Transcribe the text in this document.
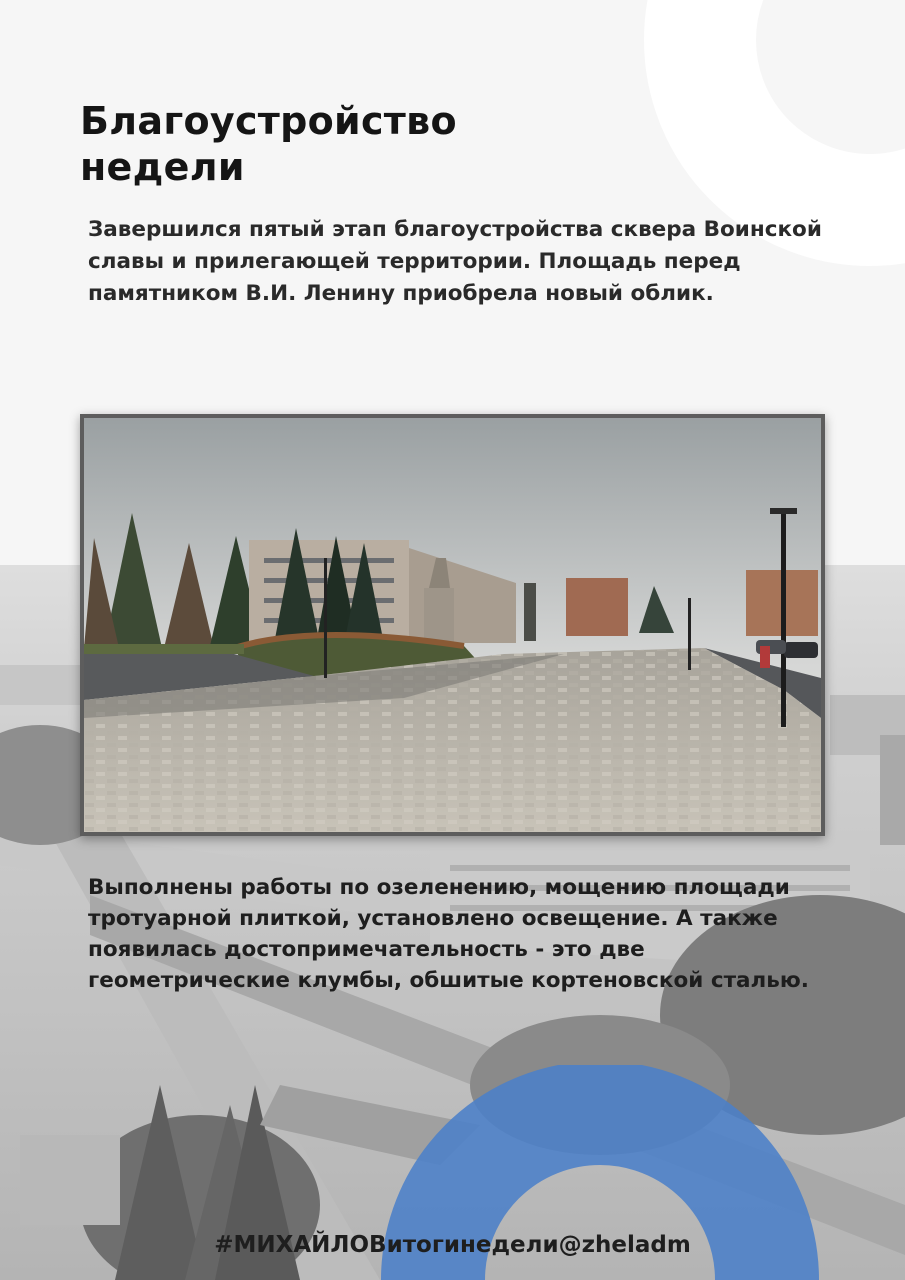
Благоустройство недели

Завершился пятый этап благоустройства сквера Воинской славы и прилегающей территории. Площадь перед памятником В.И. Ленину приобрела новый облик.

Выполнены работы по озеленению, мощению площади тротуарной плиткой, установлено освещение. А также появилась достопримечательность - это две геометрические клумбы, обшитые кортеновской сталью.

#МИХАЙЛОВитогинедели@zheladm
